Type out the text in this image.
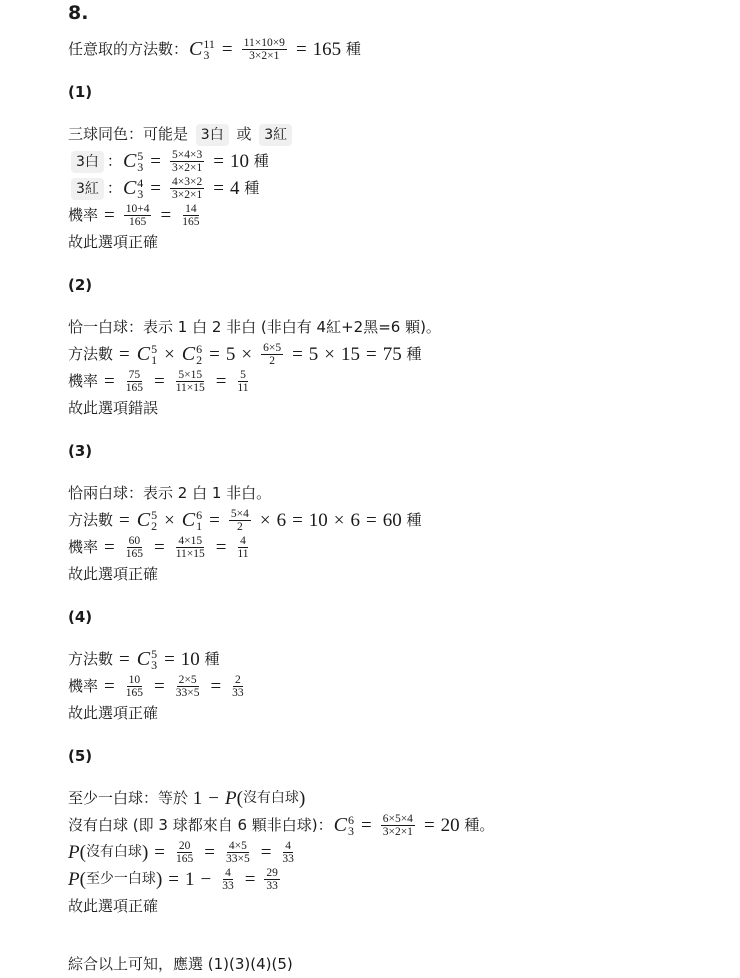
8.
任意取的方法數： C 11
$3 = \frac{11\times 10\times 9}{3\times 2\times 1} = 165$ 種
(1)
三球同色：可能是 3白 或 3紅
3白 ： C 5
$3 = \frac{5\times 4\times 3}{3\times 2\times 1} = 10$ 種
3紅 ： C 4
$3 = \frac{4\times 3\times 2}{3\times 2\times 1} = 4$ 種
機率 = $\frac{10+4}{165} = \frac{14}{165}$
故此選項正確
(2)
恰一白球：表示 1 白 2 非白 (非白有 4紅+2黑=6 顆)。
方法數 = C 5
1 × C 6
$2 = 5 \times \frac{6\times 5}{2} = 5 \times 15 = 75$ 種
機率 = $\frac{75}{165} = \frac{5\times 15}{11\times 15} = \frac{5}{11}$
故此選項錯誤
(3)
恰兩白球：表示 2 白 1 非白。
方法數 = C 5
2 × C 6
$1 = \frac{5\times 4}{2} \times 6 = 10 \times 6 = 60$ 種
機率 = $\frac{60}{165} = \frac{4\times 15}{11\times 15} = \frac{4}{11}$
故此選項正確
(4)
方法數 = C 5
3 = 10 種
機率 = $\frac{10}{165} = \frac{2\times 5}{33\times 5} = \frac{2}{33}$
故此選項正確
(5)
至少一白球：等於 1 − P ( 沒有白球 )
沒有白球 (即 3 球都來自 6 顆非白球)： C 6
$3 = \frac{6\times 5\times 4}{3\times 2\times 1} = 20$ 種。
P ( 沒有白球 ) = $\frac{20}{165} = \frac{4\times 5}{33\times 5} = \frac{4}{33}$
P ( 至少一白球 ) = $1 - \frac{4}{33} = \frac{29}{33}$
故此選項正確
綜合以上可知，應選 (1)(3)(4)(5)
